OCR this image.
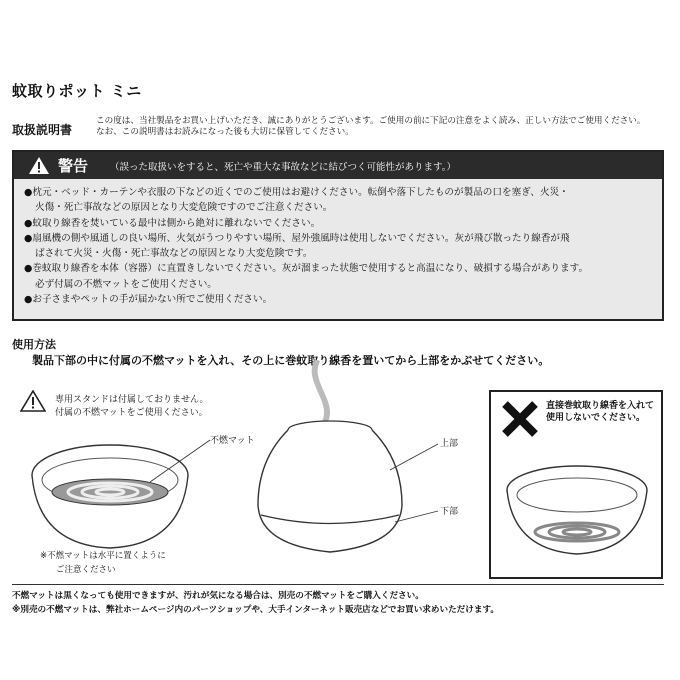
蚊取りポット ミニ
取扱説明書
この度は、当社製品をお買い上げいただき、誠にありがとうございます。ご使用の前に下記の注意をよく読み、正しい方法でご使用ください。
なお、この説明書はお読みになった後も大切に保管してください。
警告 （誤った取扱いをすると、死亡や重大な事故などに結びつく可能性があります。）
●枕元・ベッド・カーテンや衣服の下などの近くでのご使用はお避けください。転倒や落下したものが製品の口を塞ぎ、火災・
火傷・死亡事故などの原因となり大変危険ですのでご注意ください。
●蚊取り線香を焚いている最中は側から絶対に離れないでください。
●扇風機の側や風通しの良い場所、火気がうつりやすい場所、屋外強風時は使用しないでください。灰が飛び散ったり線香が飛
ばされて火災・火傷・死亡事故などの原因となり大変危険です。
●巻蚊取り線香を本体（容器）に直置きしないでください。灰が溜まった状態で使用すると高温になり、破損する場合があります。
必ず付属の不燃マットをご使用ください。
●お子さまやペットの手が届かない所でご使用ください。
使用方法
製品下部の中に付属の不燃マットを入れ、その上に巻蚊取り線香を置いてから上部をかぶせてください。
専用スタンドは付属しておりません。
付属の不燃マットをご使用ください。
不燃マット	上部
下部
※不燃マットは水平に置くように
ご注意ください
直接巻蚊取り線香を入れて使用しないでください。
不燃マットは黒くなっても使用できますが、汚れが気になる場合は、別売の不燃マットをご購入ください。
※別売の不燃マットは、弊社ホームページ内のパーツショップや、大手インターネット販売店などでお買い求めいただけます。
